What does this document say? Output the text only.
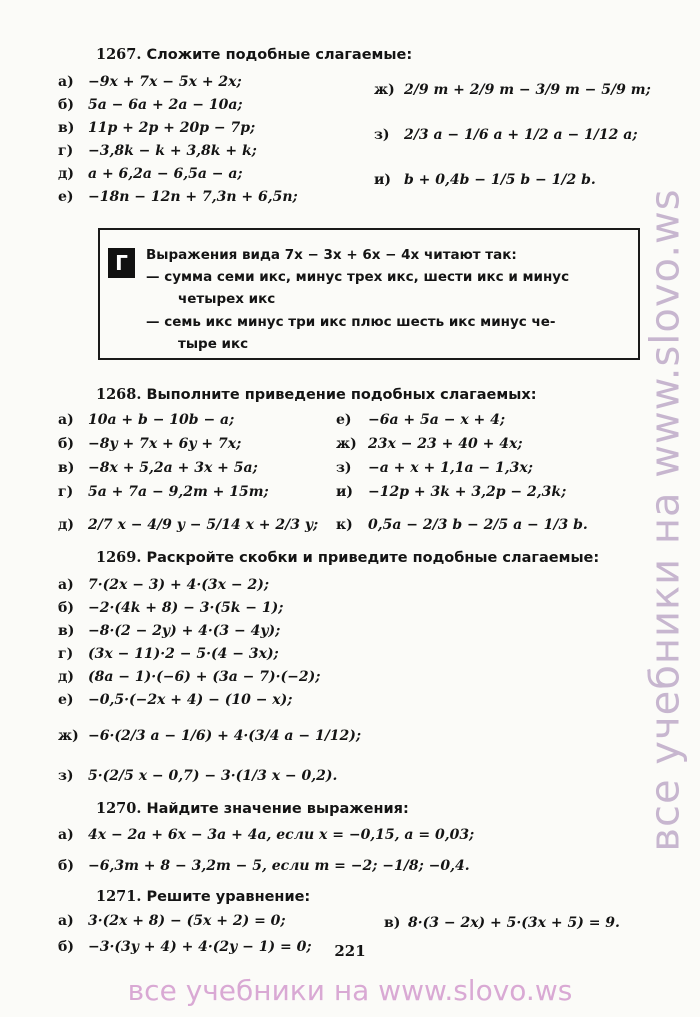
1267. Сложите подобные слагаемые:
а) −9x + 7x − 5x + 2x;
б) 5a − 6a + 2a − 10a;
в) 11p + 2p + 20p − 7p;
г) −3,8k − k + 3,8k + k;
д) a + 6,2a − 6,5a − a;
е) −18n − 12n + 7,3n + 6,5n;
ж) 2/9 m + 2/9 m − 3/9 m − 5/9 m;
з) 2/3 a − 1/6 a + 1/2 a − 1/12 a;
и) b + 0,4b − 1/5 b − 1/2 b.
Г	Выражения вида 7x − 3x + 6x − 4x читают так:
— сумма семи икс, минус трех икс, шести икс и минус
четырех икс
— семь икс минус три икс плюс шесть икс минус че-
тыре икс
1268. Выполните приведение подобных слагаемых:
а) 10a + b − 10b − a;
б) −8y + 7x + 6y + 7x;
в) −8x + 5,2a + 3x + 5a;
г) 5a + 7a − 9,2m + 15m;
д) 2/7 x − 4/9 y − 5/14 x + 2/3 y;
е) −6a + 5a − x + 4;
ж) 23x − 23 + 40 + 4x;
з) −a + x + 1,1a − 1,3x;
и) −12p + 3k + 3,2p − 2,3k;
к) 0,5a − 2/3 b − 2/5 a − 1/3 b.
1269. Раскройте скобки и приведите подобные слагаемые:
а) 7·(2x − 3) + 4·(3x − 2);
б) −2·(4k + 8) − 3·(5k − 1);
в) −8·(2 − 2y) + 4·(3 − 4y);
г) (3x − 11)·2 − 5·(4 − 3x);
д) (8a − 1)·(−6) + (3a − 7)·(−2);
е) −0,5·(−2x + 4) − (10 − x);
ж) −6·(2/3 a − 1/6) + 4·(3/4 a − 1/12);
з) 5·(2/5 x − 0,7) − 3·(1/3 x − 0,2).
1270. Найдите значение выражения:
а) 4x − 2a + 6x − 3a + 4a, если x = −0,15, a = 0,03;
б) −6,3m + 8 − 3,2m − 5, если m = −2; −1/8; −0,4.
1271. Решите уравнение:
а) 3·(2x + 8) − (5x + 2) = 0;
б) −3·(3y + 4) + 4·(2y − 1) = 0;
в) 8·(3 − 2x) + 5·(3x + 5) = 9.
221
все учебники на www.slovo.ws
все учебники на www.slovo.ws
